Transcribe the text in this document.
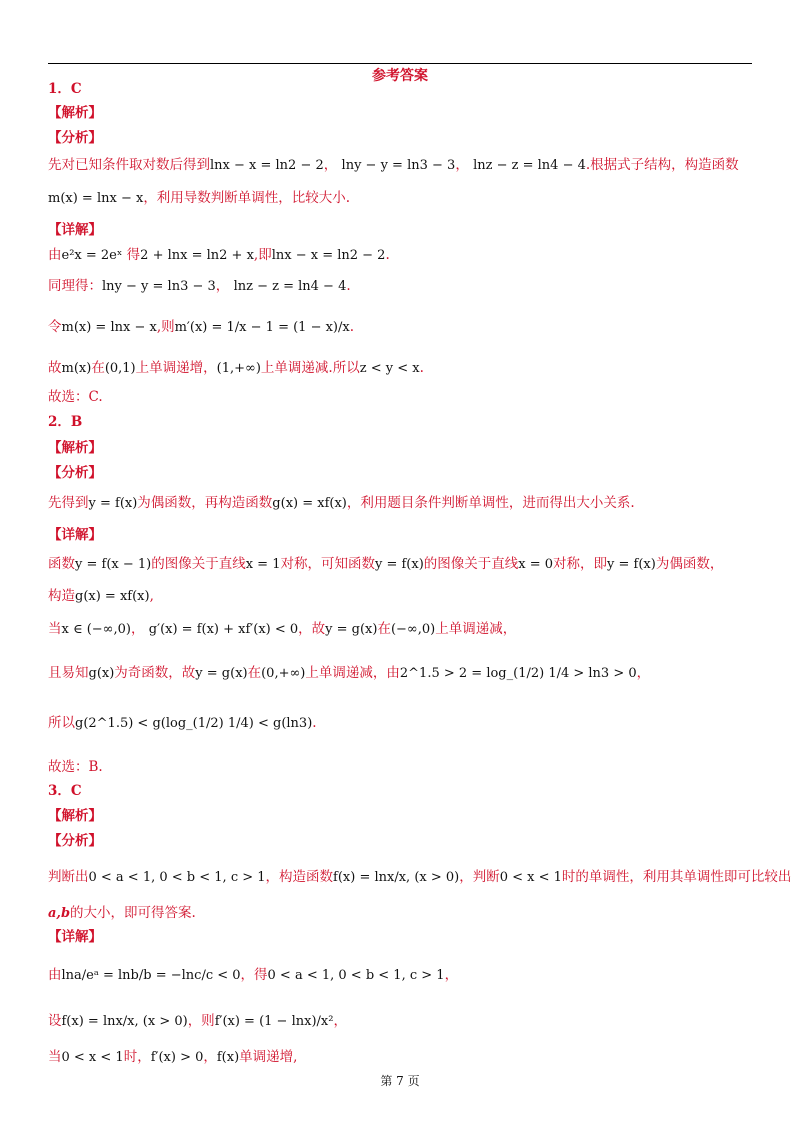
参考答案
1．C
【解析】
【分析】
先对已知条件取对数后得到lnx − x = ln2 − 2， lny − y = ln3 − 3， lnz − z = ln4 − 4.根据式子结构，构造函数
m(x) = lnx − x，利用导数判断单调性，比较大小.
【详解】
由e²x = 2eˣ 得2 + lnx = ln2 + x,即lnx − x = ln2 − 2.
同理得：lny − y = ln3 − 3， lnz − z = ln4 − 4.
令m(x) = lnx − x,则m′(x) = 1/x − 1 = (1 − x)/x.
故m(x)在(0,1)上单调递增，(1,+∞)上单调递减.所以z < y < x.
故选：C.
2．B
【解析】
【分析】
先得到y = f(x)为偶函数，再构造函数g(x) = xf(x)，利用题目条件判断单调性，进而得出大小关系.
【详解】
函数y = f(x − 1)的图像关于直线x = 1对称，可知函数y = f(x)的图像关于直线x = 0对称，即y = f(x)为偶函数，
构造g(x) = xf(x),
当x ∈ (−∞,0)， g′(x) = f(x) + xf′(x) < 0，故y = g(x)在(−∞,0)上单调递减，
且易知g(x)为奇函数，故y = g(x)在(0,+∞)上单调递减，由2^1.5 > 2 = log_(1/2) 1/4 > ln3 > 0，
所以g(2^1.5) < g(log_(1/2) 1/4) < g(ln3).
故选：B.
3．C
【解析】
【分析】
判断出0 < a < 1, 0 < b < 1, c > 1，构造函数f(x) = lnx/x, (x > 0)，判断0 < x < 1时的单调性，利用其单调性即可比较出
a,b的大小，即可得答案.
【详解】
由lna/eᵃ = lnb/b = −lnc/c < 0，得0 < a < 1, 0 < b < 1, c > 1，
设f(x) = lnx/x, (x > 0)，则f′(x) = (1 − lnx)/x²，
当0 < x < 1时，f′(x) > 0，f(x)单调递增,
第 7 页
